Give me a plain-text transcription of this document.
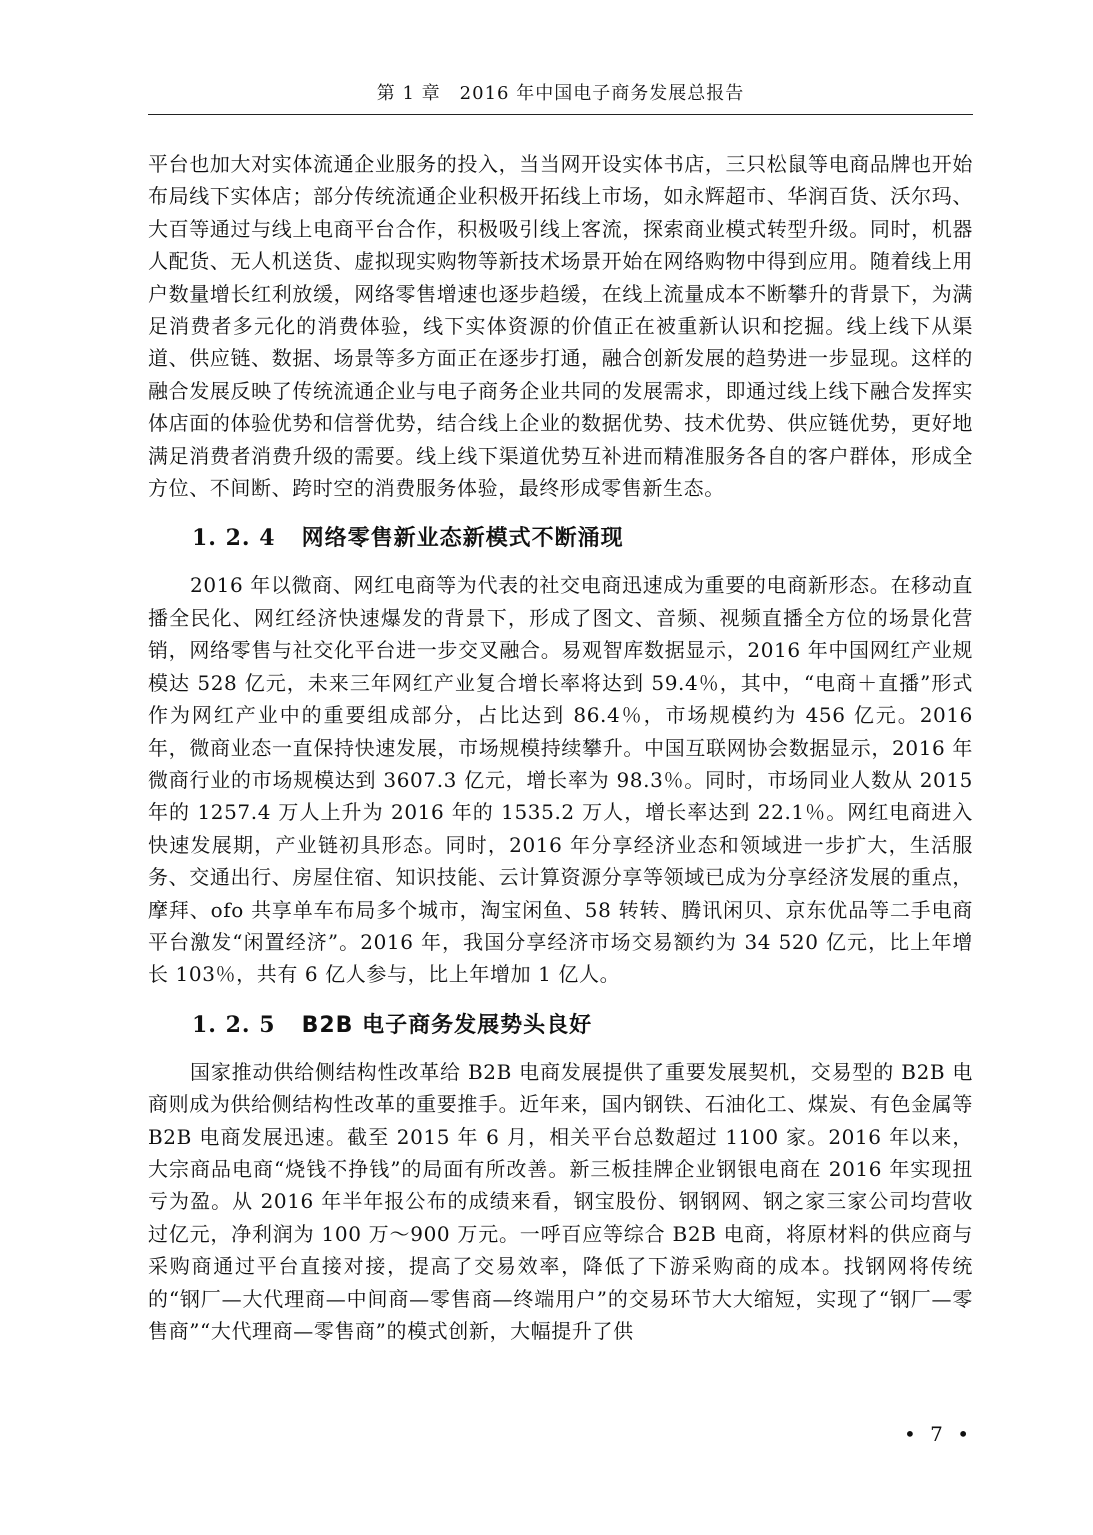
第 1 章　2016 年中国电子商务发展总报告

平台也加大对实体流通企业服务的投入，当当网开设实体书店，三只松鼠等电商品牌也开始布局线下实体店；部分传统流通企业积极开拓线上市场，如永辉超市、华润百货、沃尔玛、大百等通过与线上电商平台合作，积极吸引线上客流，探索商业模式转型升级。同时，机器人配货、无人机送货、虚拟现实购物等新技术场景开始在网络购物中得到应用。随着线上用户数量增长红利放缓，网络零售增速也逐步趋缓，在线上流量成本不断攀升的背景下，为满足消费者多元化的消费体验，线下实体资源的价值正在被重新认识和挖掘。线上线下从渠道、供应链、数据、场景等多方面正在逐步打通，融合创新发展的趋势进一步显现。这样的融合发展反映了传统流通企业与电子商务企业共同的发展需求，即通过线上线下融合发挥实体店面的体验优势和信誉优势，结合线上企业的数据优势、技术优势、供应链优势，更好地满足消费者消费升级的需要。线上线下渠道优势互补进而精准服务各自的客户群体，形成全方位、不间断、跨时空的消费服务体验，最终形成零售新生态。

1. 2. 4 网络零售新业态新模式不断涌现

2016 年以微商、网红电商等为代表的社交电商迅速成为重要的电商新形态。在移动直播全民化、网红经济快速爆发的背景下，形成了图文、音频、视频直播全方位的场景化营销，网络零售与社交化平台进一步交叉融合。易观智库数据显示，2016 年中国网红产业规模达 528 亿元，未来三年网红产业复合增长率将达到 59.4％，其中，“电商＋直播”形式作为网红产业中的重要组成部分，占比达到 86.4％，市场规模约为 456 亿元。2016 年，微商业态一直保持快速发展，市场规模持续攀升。中国互联网协会数据显示，2016 年微商行业的市场规模达到 3607.3 亿元，增长率为 98.3％。同时，市场同业人数从 2015 年的 1257.4 万人上升为 2016 年的 1535.2 万人，增长率达到 22.1％。网红电商进入快速发展期，产业链初具形态。同时，2016 年分享经济业态和领域进一步扩大，生活服务、交通出行、房屋住宿、知识技能、云计算资源分享等领域已成为分享经济发展的重点，摩拜、ofo 共享单车布局多个城市，淘宝闲鱼、58 转转、腾讯闲贝、京东优品等二手电商平台激发“闲置经济”。2016 年，我国分享经济市场交易额约为 34 520 亿元，比上年增长 103％，共有 6 亿人参与，比上年增加 1 亿人。

1. 2. 5 B2B 电子商务发展势头良好

国家推动供给侧结构性改革给 B2B 电商发展提供了重要发展契机，交易型的 B2B 电商则成为供给侧结构性改革的重要推手。近年来，国内钢铁、石油化工、煤炭、有色金属等 B2B 电商发展迅速。截至 2015 年 6 月，相关平台总数超过 1100 家。2016 年以来，大宗商品电商“烧钱不挣钱”的局面有所改善。新三板挂牌企业钢银电商在 2016 年实现扭亏为盈。从 2016 年半年报公布的成绩来看，钢宝股份、钢钢网、钢之家三家公司均营收过亿元，净利润为 100 万～900 万元。一呼百应等综合 B2B 电商，将原材料的供应商与采购商通过平台直接对接，提高了交易效率，降低了下游采购商的成本。找钢网将传统的“钢厂—大代理商—中间商—零售商—终端用户”的交易环节大大缩短，实现了“钢厂—零售商”“大代理商—零售商”的模式创新，大幅提升了供

• 7 •
